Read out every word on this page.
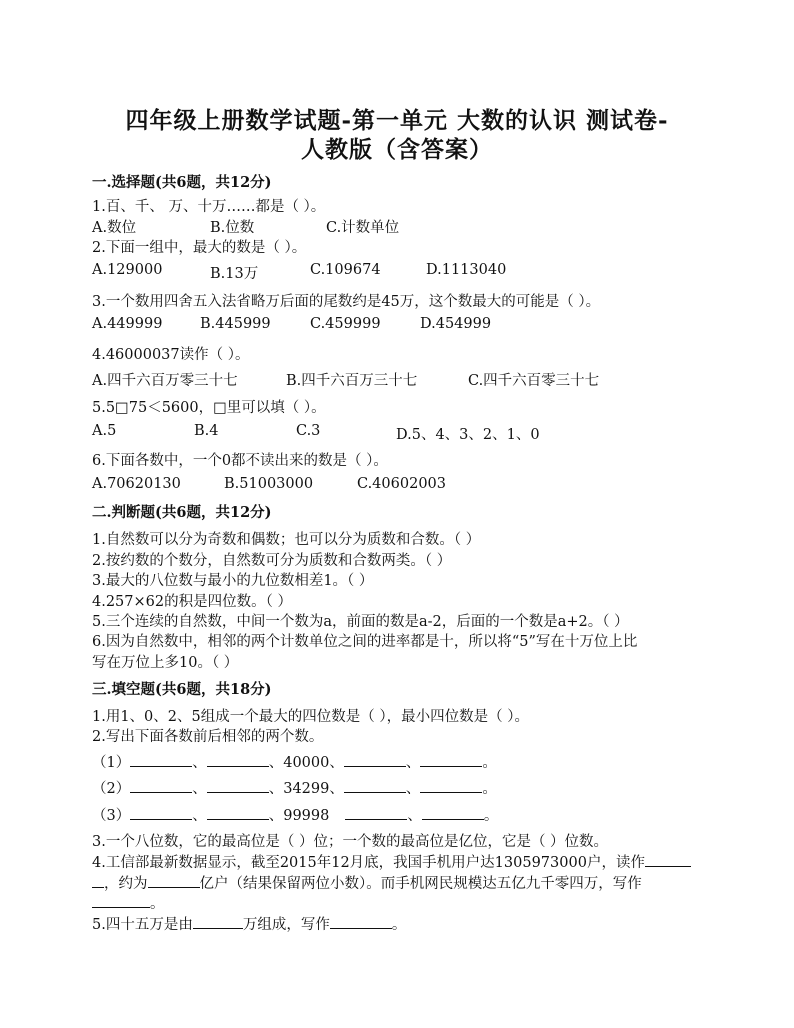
四年级上册数学试题-第一单元 大数的认识 测试卷-
人教版（含答案）
一.选择题(共6题，共12分)
1.百、千、 万、十万……都是（ ）。
A.数位	B.位数	C.计数单位
2.下面一组中，最大的数是（ ）。
A.129000	B.13万	C.109674	D.1113040
3.一个数用四舍五入法省略万后面的尾数约是45万，这个数最大的可能是（ ）。
A.449999	B.445999	C.459999	D.454999
4.46000037读作（ ）。
A.四千六百万零三十七	B.四千六百万三十七	C.四千六百零三十七
5.5□75＜5600，□里可以填（ ）。
A.5	B.4	C.3	D.5、4、3、2、1、0
6.下面各数中，一个0都不读出来的数是（ ）。
A.70620130	B.51003000	C.40602003
二.判断题(共6题，共12分)
1.自然数可以分为奇数和偶数；也可以分为质数和合数。（ ）
2.按约数的个数分，自然数可分为质数和合数两类。（ ）
3.最大的八位数与最小的九位数相差1。（ ）
4.257×62的积是四位数。（ ）
5.三个连续的自然数，中间一个数为a，前面的数是a-2，后面的一个数是a+2。（ ）
6.因为自然数中，相邻的两个计数单位之间的进率都是十，所以将“5”写在十万位上比
写在万位上多10。（ ）
三.填空题(共6题，共18分)
1.用1、0、2、5组成一个最大的四位数是（ ），最小四位数是（ ）。
2.写出下面各数前后相邻的两个数。
（1）	、	、40000、	、	。
（2）	、	、34299、	、	。
（3）	、	、99998	、	。
3.一个八位数，它的最高位是（ ）位；一个数的最高位是亿位，它是（ ）位数。
4.工信部最新数据显示，截至2015年12月底，我国手机用户达1305973000户，读作
，约为	亿户（结果保留两位小数）。而手机网民规模达五亿九千零四万，写作
。
5.四十五万是由	万组成，写作	。
